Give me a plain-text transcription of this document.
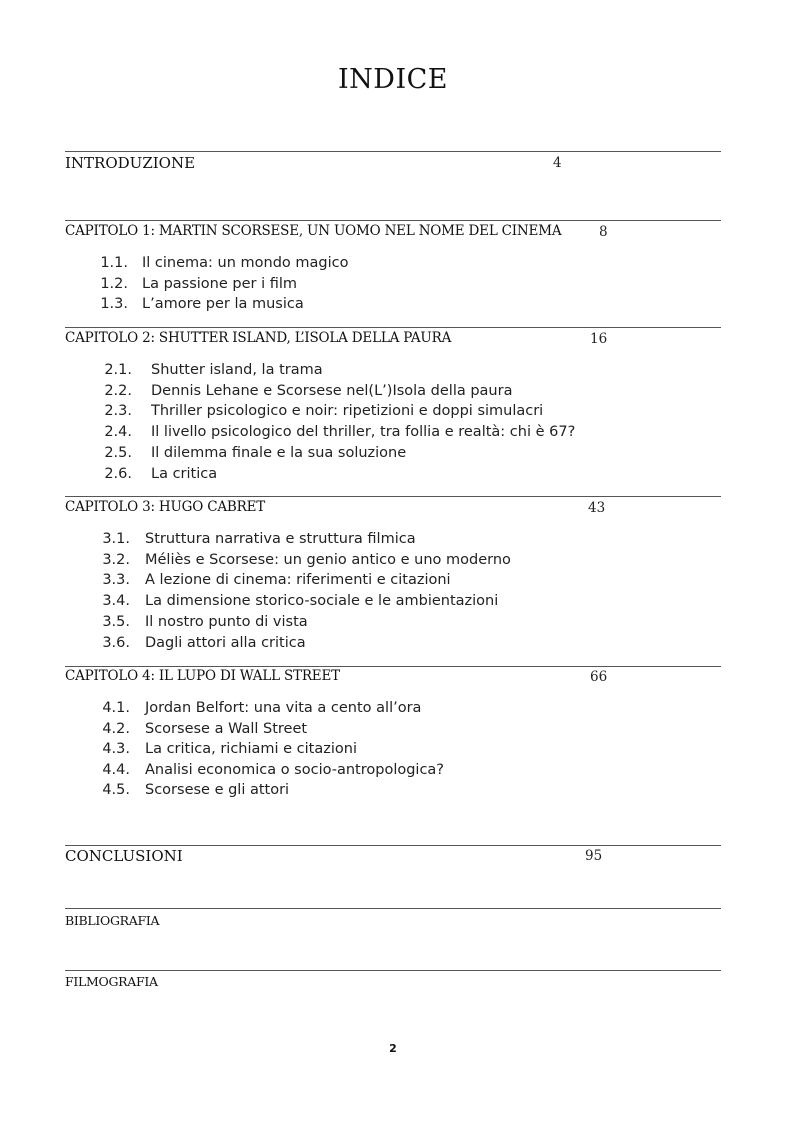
INDICE
INTRODUZIONE	4
CAPITOLO 1: MARTIN SCORSESE, UN UOMO NEL NOME DEL CINEMA	8
1.1. Il cinema: un mondo magico
1.2. La passione per i film
1.3. L’amore per la musica
CAPITOLO 2: SHUTTER ISLAND, L’ISOLA DELLA PAURA	16
2.1. Shutter island, la trama
2.2. Dennis Lehane e Scorsese nel(L’)Isola della paura
2.3. Thriller psicologico e noir: ripetizioni e doppi simulacri
2.4. Il livello psicologico del thriller, tra follia e realtà: chi è 67?
2.5. Il dilemma finale e la sua soluzione
2.6. La critica
CAPITOLO 3: HUGO CABRET	43
3.1. Struttura narrativa e struttura filmica
3.2. Méliès e Scorsese: un genio antico e uno moderno
3.3. A lezione di cinema: riferimenti e citazioni
3.4. La dimensione storico-sociale e le ambientazioni
3.5. Il nostro punto di vista
3.6. Dagli attori alla critica
CAPITOLO 4: IL LUPO DI WALL STREET	66
4.1. Jordan Belfort: una vita a cento all’ora
4.2. Scorsese a Wall Street
4.3. La critica, richiami e citazioni
4.4. Analisi economica o socio-antropologica?
4.5. Scorsese e gli attori
CONCLUSIONI	95
BIBLIOGRAFIA
FILMOGRAFIA
2
